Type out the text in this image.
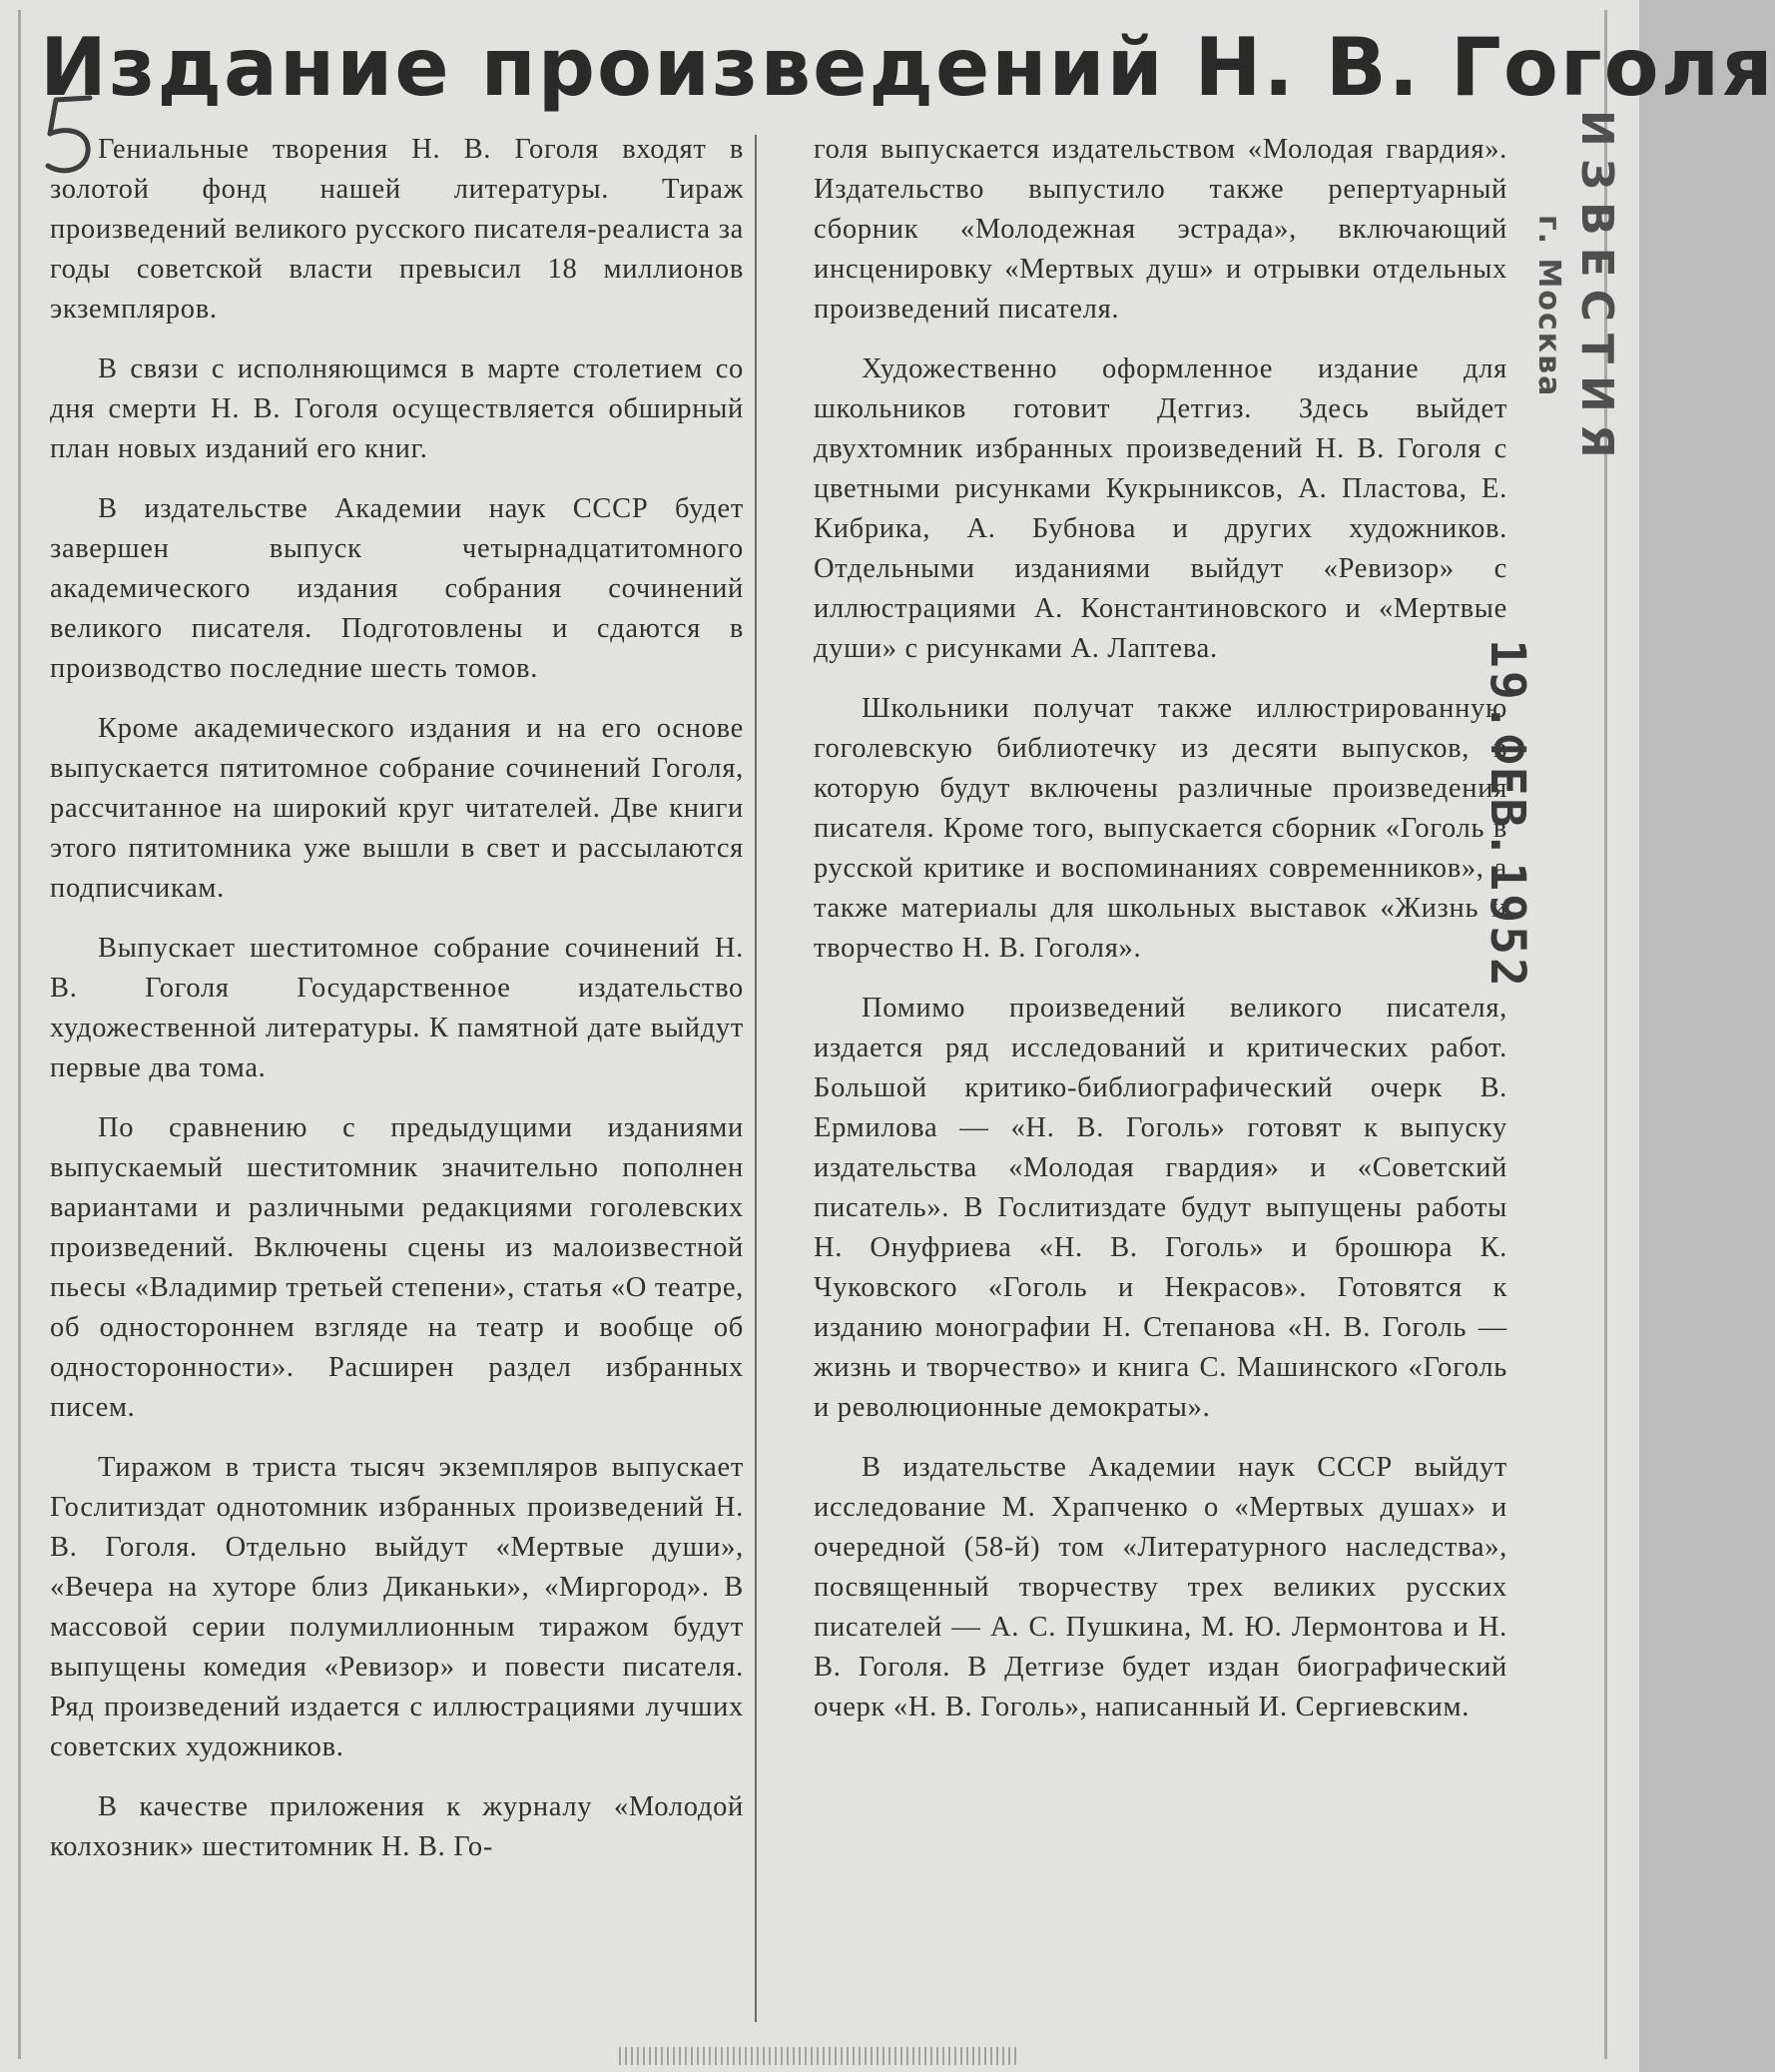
Издание произведений Н. В. Гоголя

Гениальные творения Н. В. Гоголя входят в золотой фонд нашей литературы. Тираж произведений великого русского писателя-реалиста за годы советской власти превысил 18 миллионов экземпляров.

В связи с исполняющимся в марте столетием со дня смерти Н. В. Гоголя осуществляется обширный план новых изданий его книг.

В издательстве Академии наук СССР будет завершен выпуск четырнадцатитомного академического издания собрания сочинений великого писателя. Подготовлены и сдаются в производство последние шесть томов.

Кроме академического издания и на его основе выпускается пятитомное собрание сочинений Гоголя, рассчитанное на широкий круг читателей. Две книги этого пятитомника уже вышли в свет и рассылаются подписчикам.

Выпускает шеститомное собрание сочинений Н. В. Гоголя Государственное издательство художественной литературы. К памятной дате выйдут первые два тома.

По сравнению с предыдущими изданиями выпускаемый шеститомник значительно пополнен вариантами и различными редакциями гоголевских произведений. Включены сцены из малоизвестной пьесы «Владимир третьей степени», статья «О театре, об одностороннем взгляде на театр и вообще об односторонности». Расширен раздел избранных писем.

Тиражом в триста тысяч экземпляров выпускает Гослитиздат однотомник избранных произведений Н. В. Гоголя. Отдельно выйдут «Мертвые души», «Вечера на хуторе близ Диканьки», «Миргород». В массовой серии полумиллионным тиражом будут выпущены комедия «Ревизор» и повести писателя. Ряд произведений издается с иллюстрациями лучших советских художников.

В качестве приложения к журналу «Молодой колхозник» шеститомник Н. В. Го-

голя выпускается издательством «Молодая гвардия». Издательство выпустило также репертуарный сборник «Молодежная эстрада», включающий инсценировку «Мертвых душ» и отрывки отдельных произведений писателя.

Художественно оформленное издание для школьников готовит Детгиз. Здесь выйдет двухтомник избранных произведений Н. В. Гоголя с цветными рисунками Кукрыниксов, А. Пластова, Е. Кибрика, А. Бубнова и других художников. Отдельными изданиями выйдут «Ревизор» с иллюстрациями А. Константиновского и «Мертвые души» с рисунками А. Лаптева.

Школьники получат также иллюстрированную гоголевскую библиотечку из десяти выпусков, в которую будут включены различные произведения писателя. Кроме того, выпускается сборник «Гоголь в русской критике и воспоминаниях современников», а также материалы для школьных выставок «Жизнь и творчество Н. В. Гоголя».

Помимо произведений великого писателя, издается ряд исследований и критических работ. Большой критико-библиографический очерк В. Ермилова — «Н. В. Гоголь» готовят к выпуску издательства «Молодая гвардия» и «Советский писатель». В Гослитиздате будут выпущены работы Н. Онуфриева «Н. В. Гоголь» и брошюра К. Чуковского «Гоголь и Некрасов». Готовятся к изданию монографии Н. Степанова «Н. В. Гоголь — жизнь и творчество» и книга С. Машинского «Гоголь и революционные демократы».

В издательстве Академии наук СССР выйдут исследование М. Храпченко о «Мертвых душах» и очередной (58-й) том «Литературного наследства», посвященный творчеству трех великих русских писателей — А. С. Пушкина, М. Ю. Лермонтова и Н. В. Гоголя. В Детгизе будет издан биографический очерк «Н. В. Гоголь», написанный И. Сергиевским.

ИЗВЕСТИЯ
г. Москва
19.ФЕВ.1952
